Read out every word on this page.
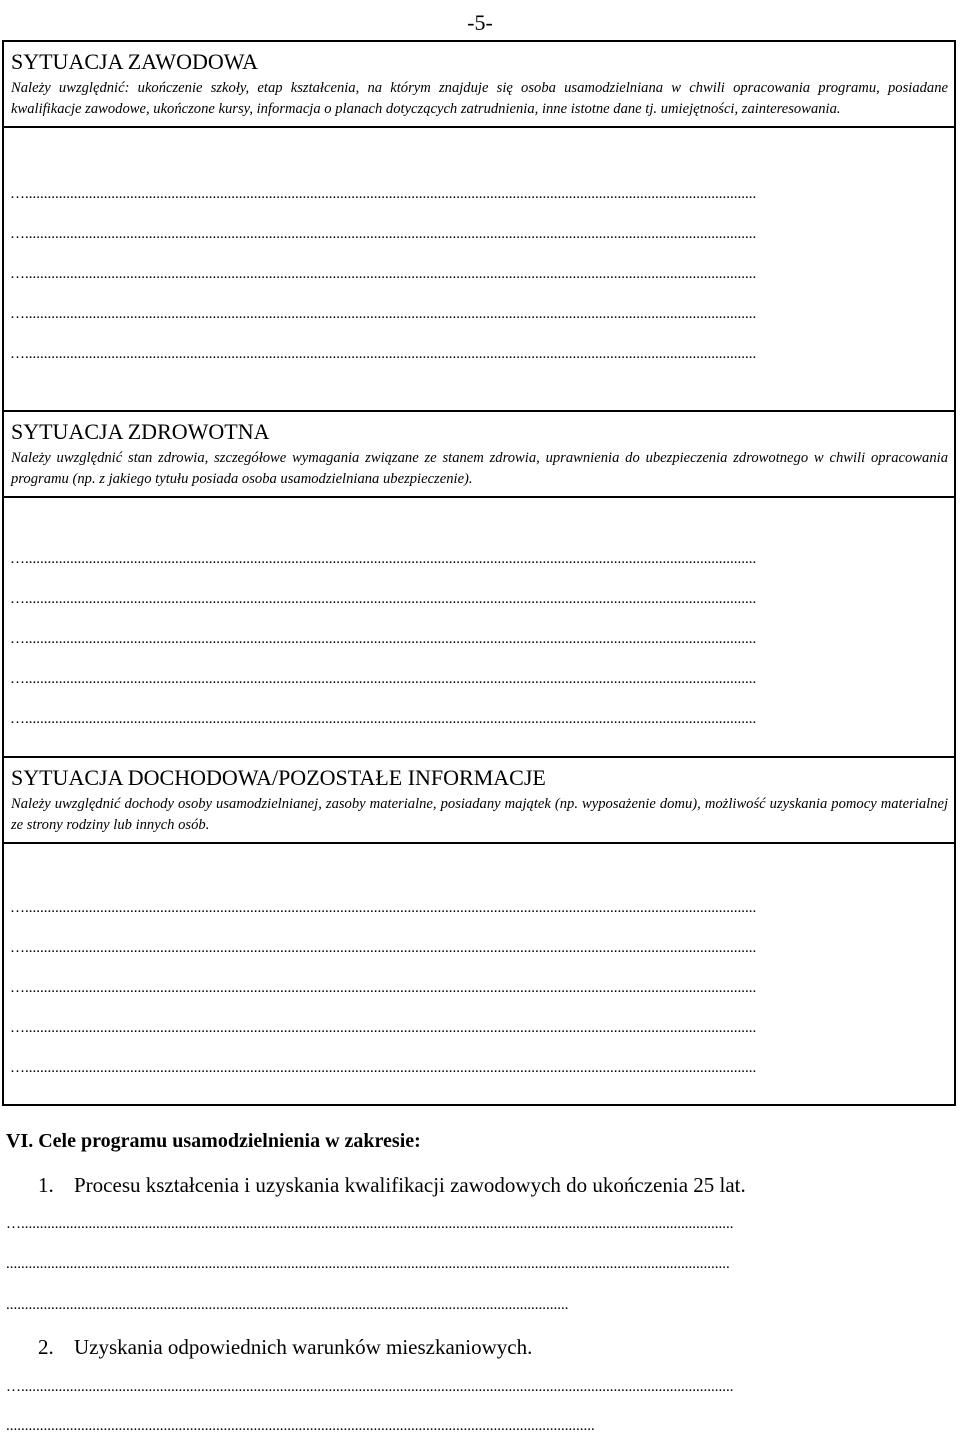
-5-
SYTUACJA ZAWODOWA

Należy uwzględnić: ukończenie szkoły, etap kształcenia, na którym znajduje się osoba usamodzielniana w chwili opracowania programu, posiadane kwalifikacje zawodowe, ukończone kursy, informacja o planach dotyczących zatrudnienia, inne istotne dane tj. umiejętności, zainteresowania.

…...................................................................................................................................................................................................
…...................................................................................................................................................................................................
…...................................................................................................................................................................................................
…...................................................................................................................................................................................................
…...................................................................................................................................................................................................
SYTUACJA ZDROWOTNA

Należy uwzględnić stan zdrowia, szczegółowe wymagania związane ze stanem zdrowia, uprawnienia do ubezpieczenia zdrowotnego w chwili opracowania programu (np. z jakiego tytułu posiada osoba usamodzielniana ubezpieczenie).

…...................................................................................................................................................................................................
…...................................................................................................................................................................................................
…...................................................................................................................................................................................................
…...................................................................................................................................................................................................
…...................................................................................................................................................................................................
SYTUACJA DOCHODOWA/POZOSTAŁE INFORMACJE

Należy uwzględnić dochody osoby usamodzielnianej, zasoby materialne, posiadany majątek (np. wyposażenie domu), możliwość uzyskania pomocy materialnej ze strony rodziny lub innych osób.

…...................................................................................................................................................................................................
…...................................................................................................................................................................................................
…...................................................................................................................................................................................................
…...................................................................................................................................................................................................
…...................................................................................................................................................................................................
VI. Cele programu usamodzielnienia w zakresie:
1. Procesu kształcenia i uzyskania kwalifikacji zawodowych do ukończenia 25 lat.
…..............................................................................................................................................................................................
.................................................................................................................................................................................................
......................................................................................................................................................
2. Uzyskania odpowiednich warunków mieszkaniowych.
…..............................................................................................................................................................................................
.............................................................................................................................................................
